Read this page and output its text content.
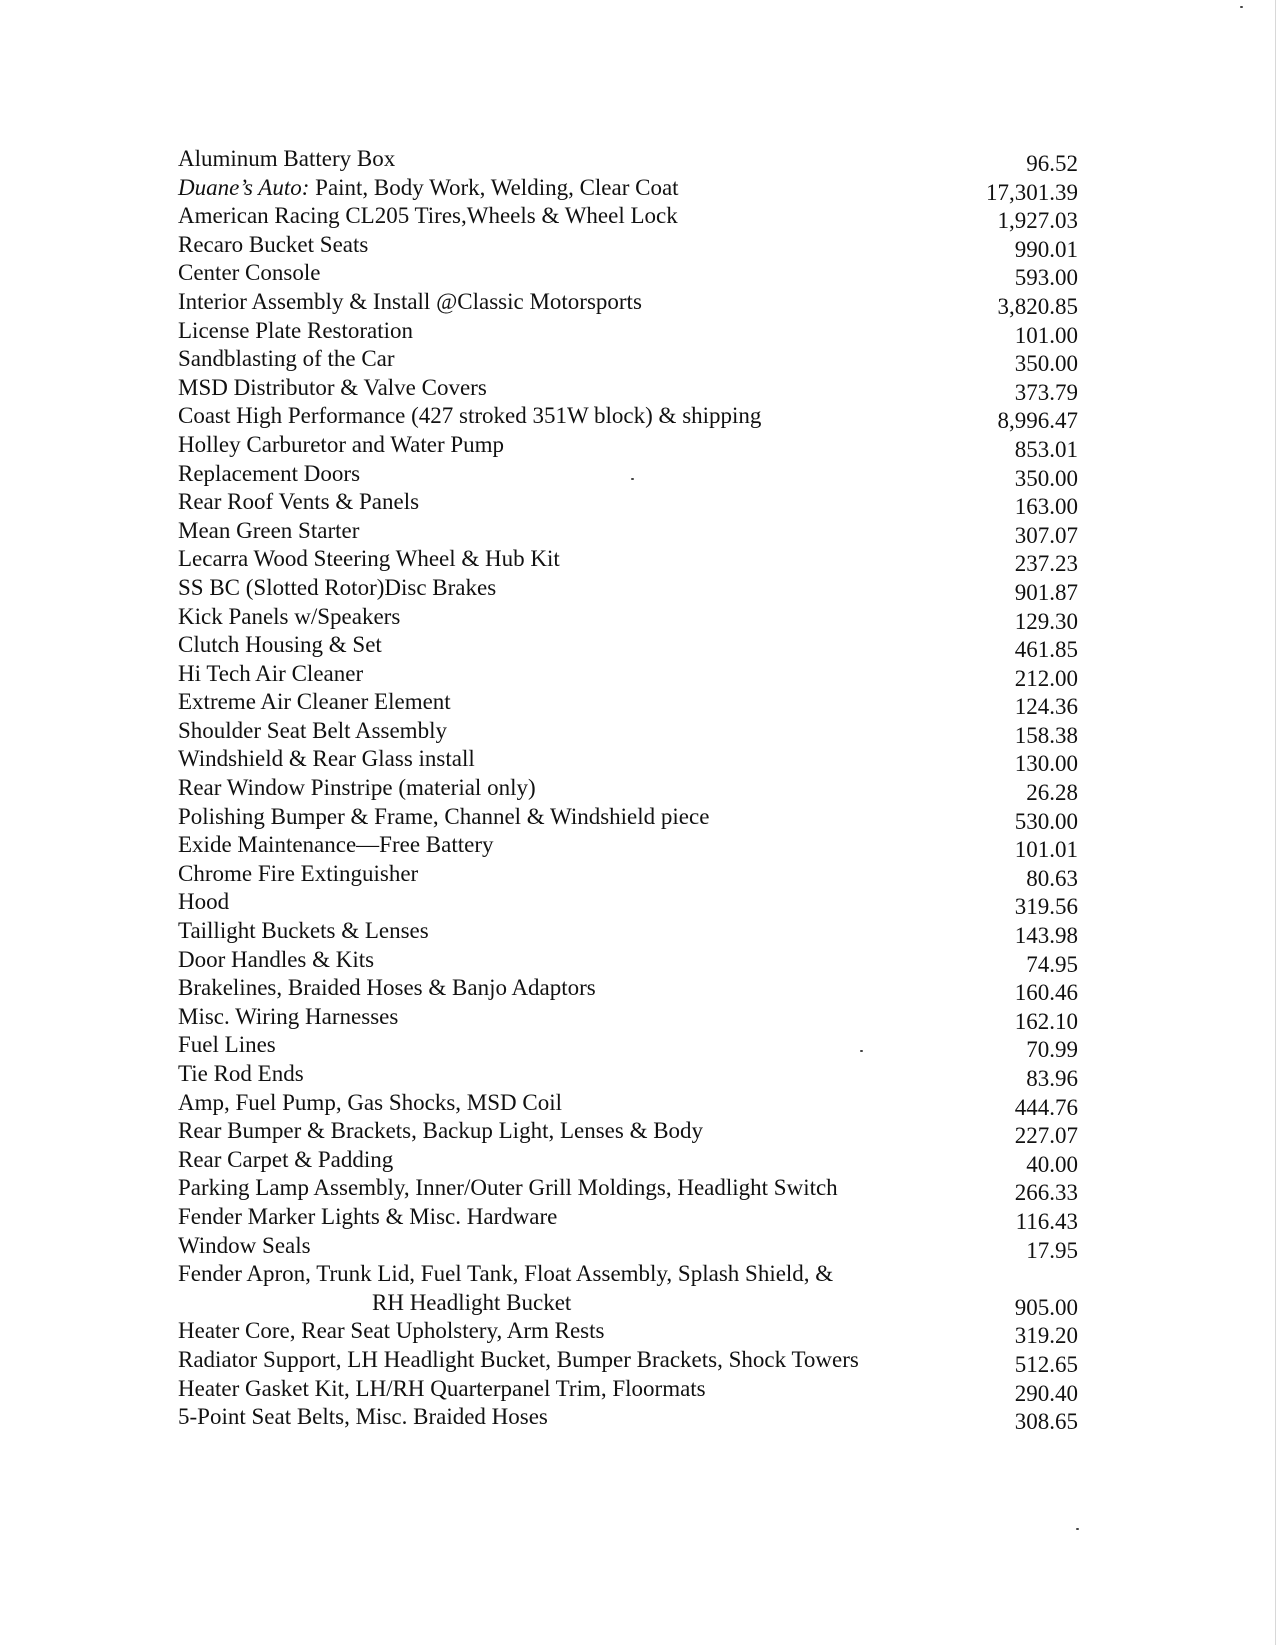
Aluminum Battery Box	96.52
Duane’s Auto: Paint, Body Work, Welding, Clear Coat	17,301.39
American Racing CL205 Tires,Wheels & Wheel Lock	1,927.03
Recaro Bucket Seats	990.01
Center Console	593.00
Interior Assembly & Install @Classic Motorsports	3,820.85
License Plate Restoration	101.00
Sandblasting of the Car	350.00
MSD Distributor & Valve Covers	373.79
Coast High Performance (427 stroked 351W block) & shipping	8,996.47
Holley Carburetor and Water Pump	853.01
Replacement Doors	350.00
Rear Roof Vents & Panels	163.00
Mean Green Starter	307.07
Lecarra Wood Steering Wheel & Hub Kit	237.23
SS BC (Slotted Rotor)Disc Brakes	901.87
Kick Panels w/Speakers	129.30
Clutch Housing & Set	461.85
Hi Tech Air Cleaner	212.00
Extreme Air Cleaner Element	124.36
Shoulder Seat Belt Assembly	158.38
Windshield & Rear Glass install	130.00
Rear Window Pinstripe (material only)	26.28
Polishing Bumper & Frame, Channel & Windshield piece	530.00
Exide Maintenance—Free Battery	101.01
Chrome Fire Extinguisher	80.63
Hood	319.56
Taillight Buckets & Lenses	143.98
Door Handles & Kits	74.95
Brakelines, Braided Hoses & Banjo Adaptors	160.46
Misc. Wiring Harnesses	162.10
Fuel Lines	70.99
Tie Rod Ends	83.96
Amp, Fuel Pump, Gas Shocks, MSD Coil	444.76
Rear Bumper & Brackets, Backup Light, Lenses & Body	227.07
Rear Carpet & Padding	40.00
Parking Lamp Assembly, Inner/Outer Grill Moldings, Headlight Switch	266.33
Fender Marker Lights & Misc. Hardware	116.43
Window Seals	17.95
Fender Apron, Trunk Lid, Fuel Tank, Float Assembly, Splash Shield, &
RH Headlight Bucket	905.00
Heater Core, Rear Seat Upholstery, Arm Rests	319.20
Radiator Support, LH Headlight Bucket, Bumper Brackets, Shock Towers	512.65
Heater Gasket Kit, LH/RH Quarterpanel Trim, Floormats	290.40
5-Point Seat Belts, Misc. Braided Hoses	308.65
